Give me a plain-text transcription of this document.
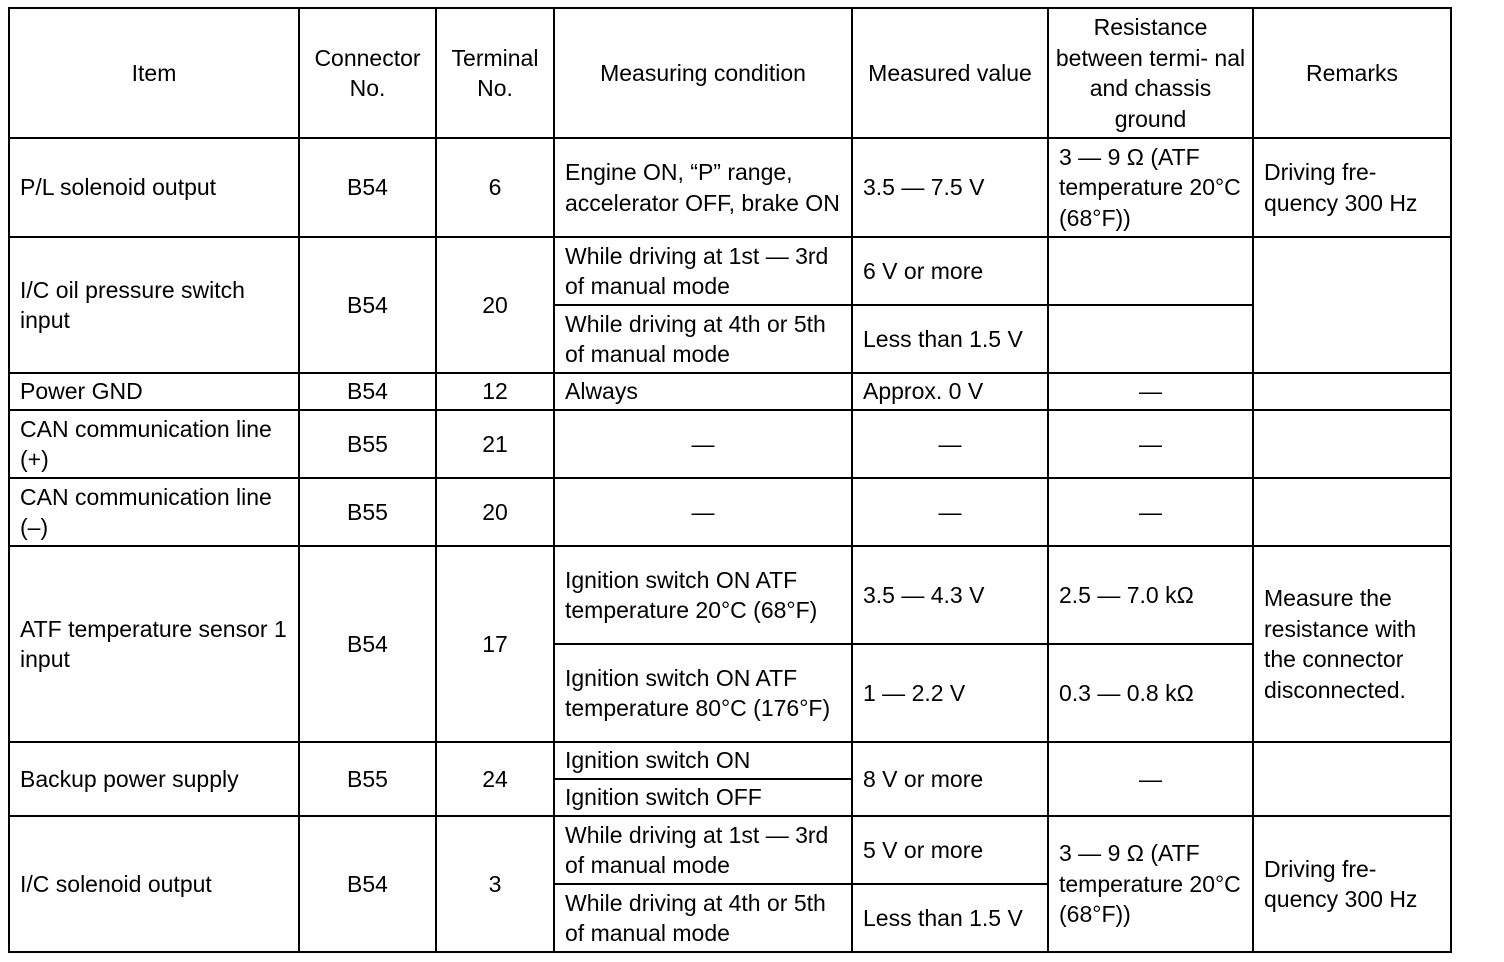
Item	Connector No.	Terminal No.	Measuring condition	Measured value	Resistance between termi- nal and chassis ground	Remarks
P/L solenoid output	B54	6	Engine ON, “P” range, accelerator OFF, brake ON	3.5 — 7.5 V	3 — 9 Ω (ATF temperature 20°C (68°F))	Driving fre- quency 300 Hz
I/C oil pressure switch input	B54	20	While driving at 1st — 3rd of manual mode	6 V or more		
			While driving at 4th or 5th of manual mode	Less than 1.5 V		
Power GND	B54	12	Always	Approx. 0 V	—	
CAN communication line (+)	B55	21	—	—	—	
CAN communication line (–)	B55	20	—	—	—	
ATF temperature sensor 1 input	B54	17	Ignition switch ON ATF temperature 20°C (68°F)	3.5 — 4.3 V	2.5 — 7.0 kΩ	Measure the resistance with the connector disconnected.
			Ignition switch ON ATF temperature 80°C (176°F)	1 — 2.2 V	0.3 — 0.8 kΩ	
Backup power supply	B55	24	Ignition switch ON	8 V or more	—	
			Ignition switch OFF			
I/C solenoid output	B54	3	While driving at 1st — 3rd of manual mode	5 V or more	3 — 9 Ω (ATF temperature 20°C (68°F))	Driving fre- quency 300 Hz
			While driving at 4th or 5th of manual mode	Less than 1.5 V		
